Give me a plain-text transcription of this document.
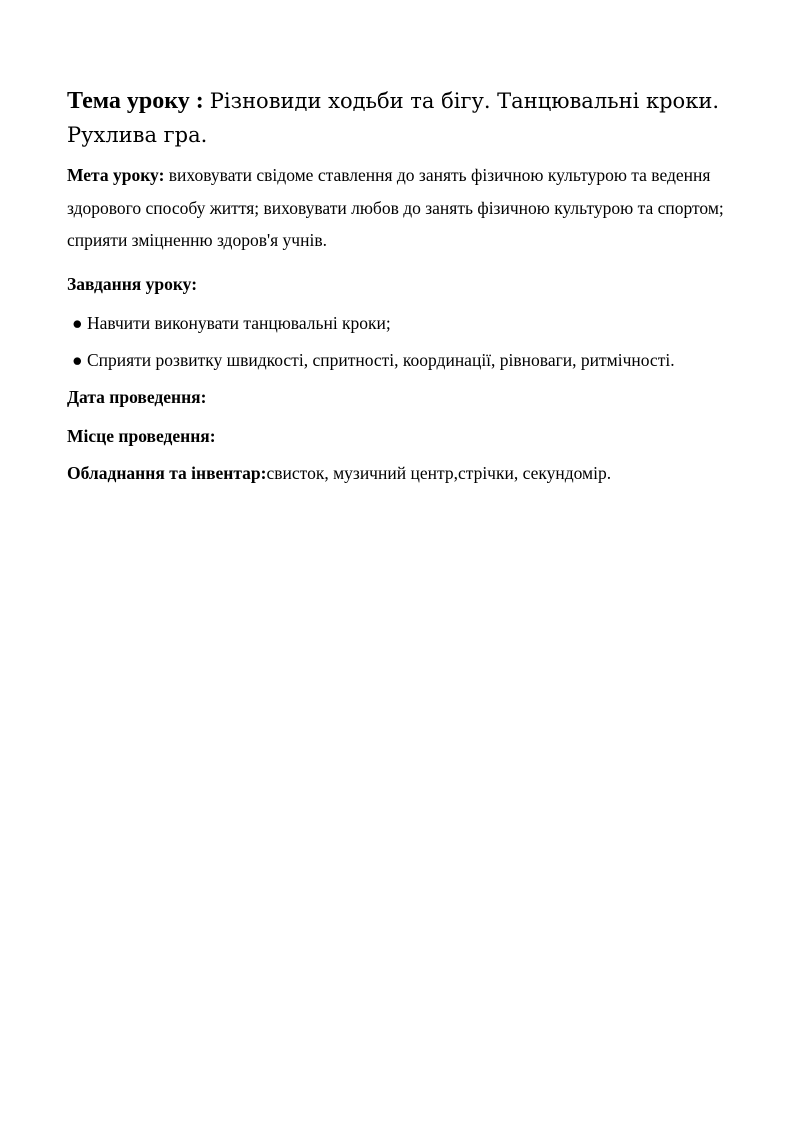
Тема уроку : Різновиди ходьби та бігу. Танцювальні кроки. Рухлива гра.

Мета уроку: виховувати свідоме ставлення до занять фізичною культурою та ведення здорового способу життя; виховувати любов до занять фізичною культурою та спортом; сприяти зміцненню здоров'я учнів.

Завдання уроку:

● Навчити виконувати танцювальні кроки;

● Сприяти розвитку швидкості, спритності, координації, рівноваги, ритмічності.

Дата проведення:

Місце проведення:

Обладнання та інвентар:свисток, музичний центр,стрічки, секундомір.
